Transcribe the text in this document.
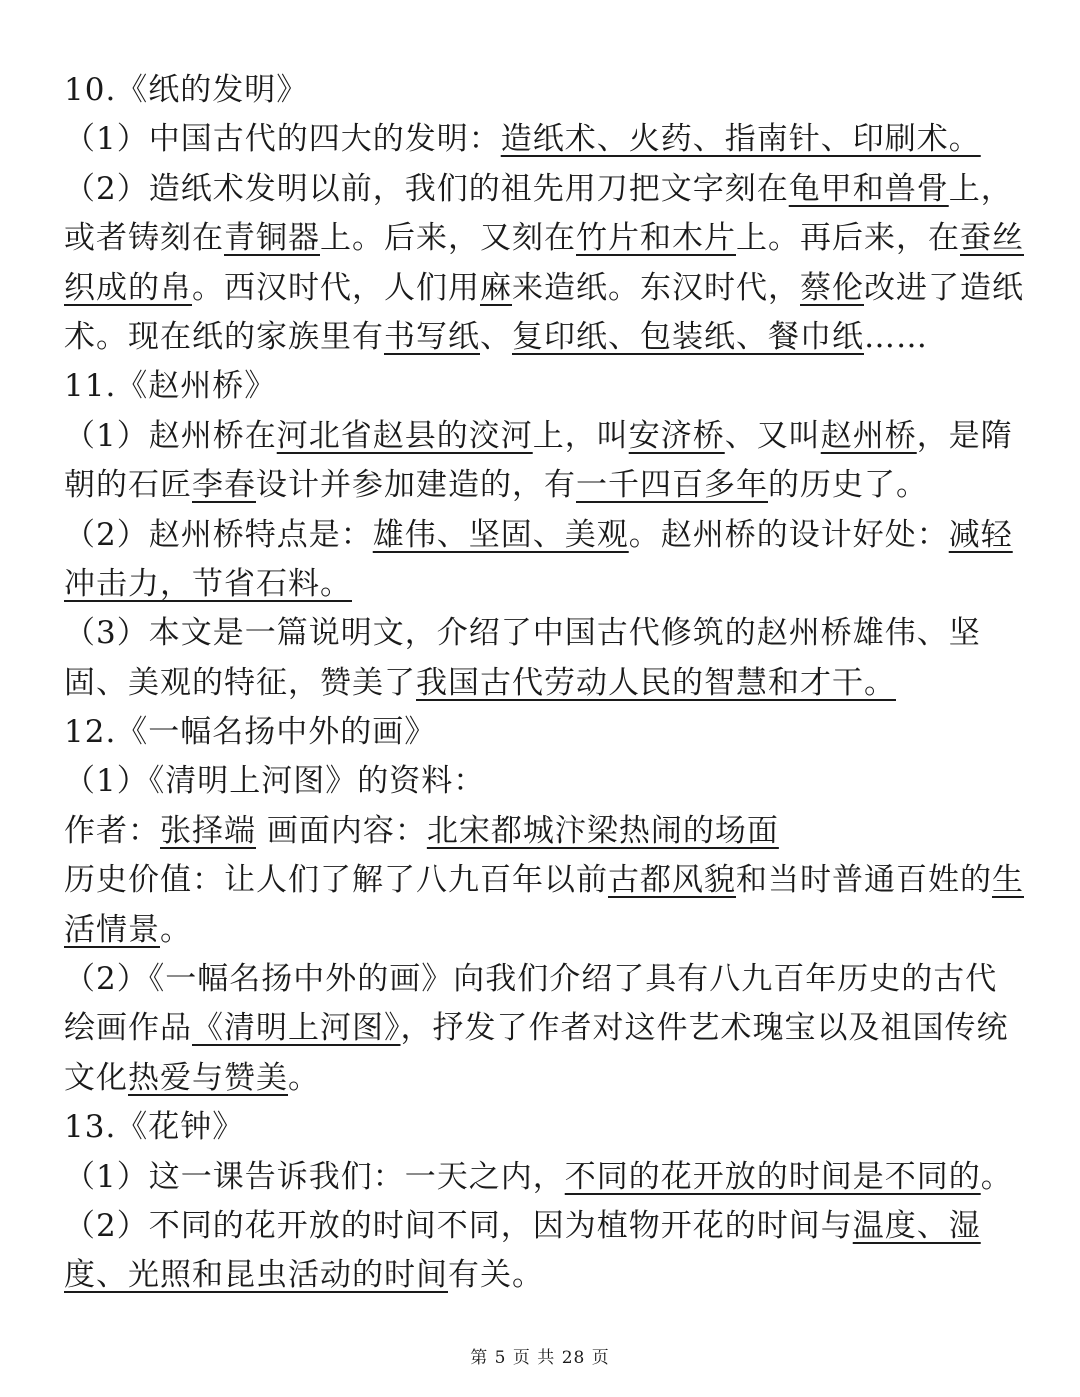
10.《纸的发明》
（1）中国古代的四大的发明：造纸术、火药、指南针、印刷术。
（2）造纸术发明以前，我们的祖先用刀把文字刻在龟甲和兽骨上，
或者铸刻在青铜器上。后来，又刻在竹片和木片上。再后来，在蚕丝
织成的帛。西汉时代，人们用麻来造纸。东汉时代，蔡伦改进了造纸
术。现在纸的家族里有书写纸、复印纸、包装纸、餐巾纸……
11.《赵州桥》
（1）赵州桥在河北省赵县的洨河上，叫安济桥、又叫赵州桥，是隋
朝的石匠李春设计并参加建造的，有一千四百多年的历史了。
（2）赵州桥特点是：雄伟、坚固、美观。赵州桥的设计好处：减轻
冲击力，节省石料。
（3）本文是一篇说明文，介绍了中国古代修筑的赵州桥雄伟、坚
固、美观的特征，赞美了我国古代劳动人民的智慧和才干。
12.《一幅名扬中外的画》
（1）《清明上河图》的资料：
作者：张择端 画面内容：北宋都城汴梁热闹的场面
历史价值：让人们了解了八九百年以前古都风貌和当时普通百姓的生
活情景。
（2）《一幅名扬中外的画》向我们介绍了具有八九百年历史的古代
绘画作品《清明上河图》，抒发了作者对这件艺术瑰宝以及祖国传统
文化热爱与赞美。
13.《花钟》
（1）这一课告诉我们：一天之内，不同的花开放的时间是不同的。
（2）不同的花开放的时间不同，因为植物开花的时间与温度、湿
度、光照和昆虫活动的时间有关。
第 5 页 共 28 页
